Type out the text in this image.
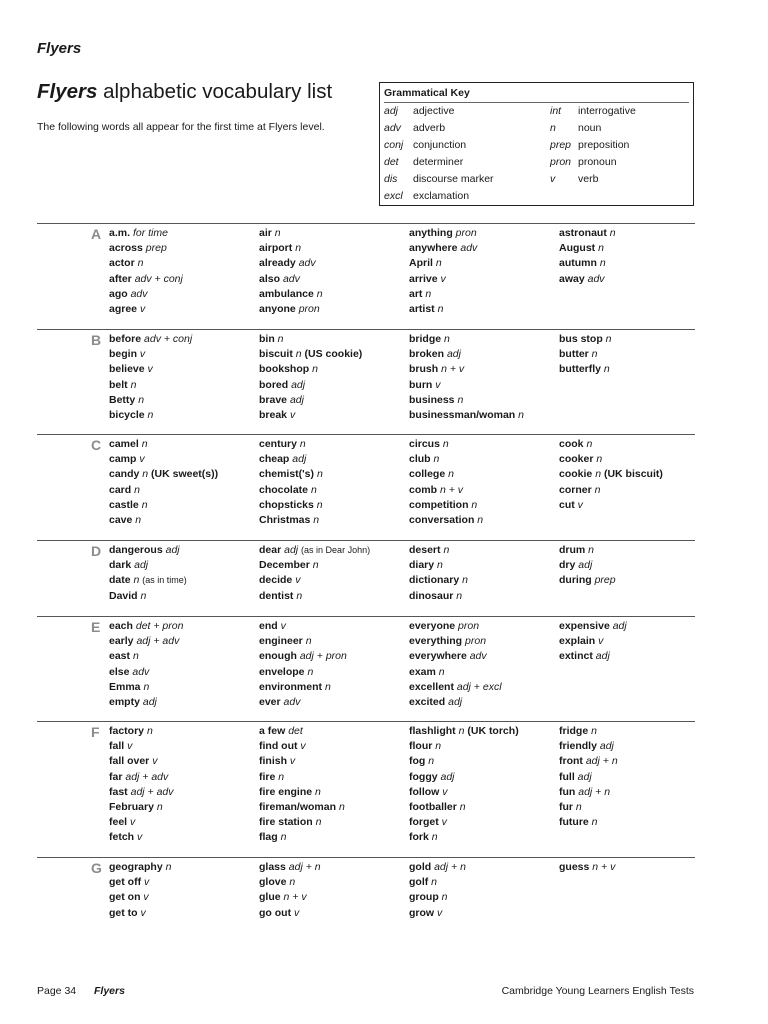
Flyers
Flyers alphabetic vocabulary list
The following words all appear for the first time at Flyers level.
Grammatical Key
adj adjective
adv adverb
conj conjunction
det determiner
dis discourse marker
excl exclamation
int interrogative
n noun
prep preposition
pron pronoun
v verb
A a.m. for time
across prep
actor n
after adv + conj
ago adv
agree v
air n
airport n
already adv
also adv
ambulance n
anyone pron
anything pron
anywhere adv
April n
arrive v
art n
artist n
astronaut n
August n
autumn n
away adv
B before adv + conj
begin v
believe v
belt n
Betty n
bicycle n
bin n
biscuit n (US cookie)
bookshop n
bored adj
brave adj
break v
bridge n
broken adj
brush n + v
burn v
business n
businessman/woman n
bus stop n
butter n
butterfly n
C camel n
camp v
candy n (UK sweet(s))
card n
castle n
cave n
century n
cheap adj
chemist('s) n
chocolate n
chopsticks n
Christmas n
circus n
club n
college n
comb n + v
competition n
conversation n
cook n
cooker n
cookie n (UK biscuit)
corner n
cut v
D dangerous adj
dark adj
date n (as in time)
David n
dear adj (as in Dear John)
December n
decide v
dentist n
desert n
diary n
dictionary n
dinosaur n
drum n
dry adj
during prep
E each det + pron
early adj + adv
east n
else adv
Emma n
empty adj
end v
engineer n
enough adj + pron
envelope n
environment n
ever adv
everyone pron
everything pron
everywhere adv
exam n
excellent adj + excl
excited adj
expensive adj
explain v
extinct adj
F factory n
fall v
fall over v
far adj + adv
fast adj + adv
February n
feel v
fetch v
a few det
find out v
finish v
fire n
fire engine n
fireman/woman n
fire station n
flag n
flashlight n (UK torch)
flour n
fog n
foggy adj
follow v
footballer n
forget v
fork n
fridge n
friendly adj
front adj + n
full adj
fun adj + n
fur n
future n
G geography n
get off v
get on v
get to v
glass adj + n
glove n
glue n + v
go out v
gold adj + n
golf n
group n
grow v
guess n + v
Page 34 Flyers	Cambridge Young Learners English Tests
